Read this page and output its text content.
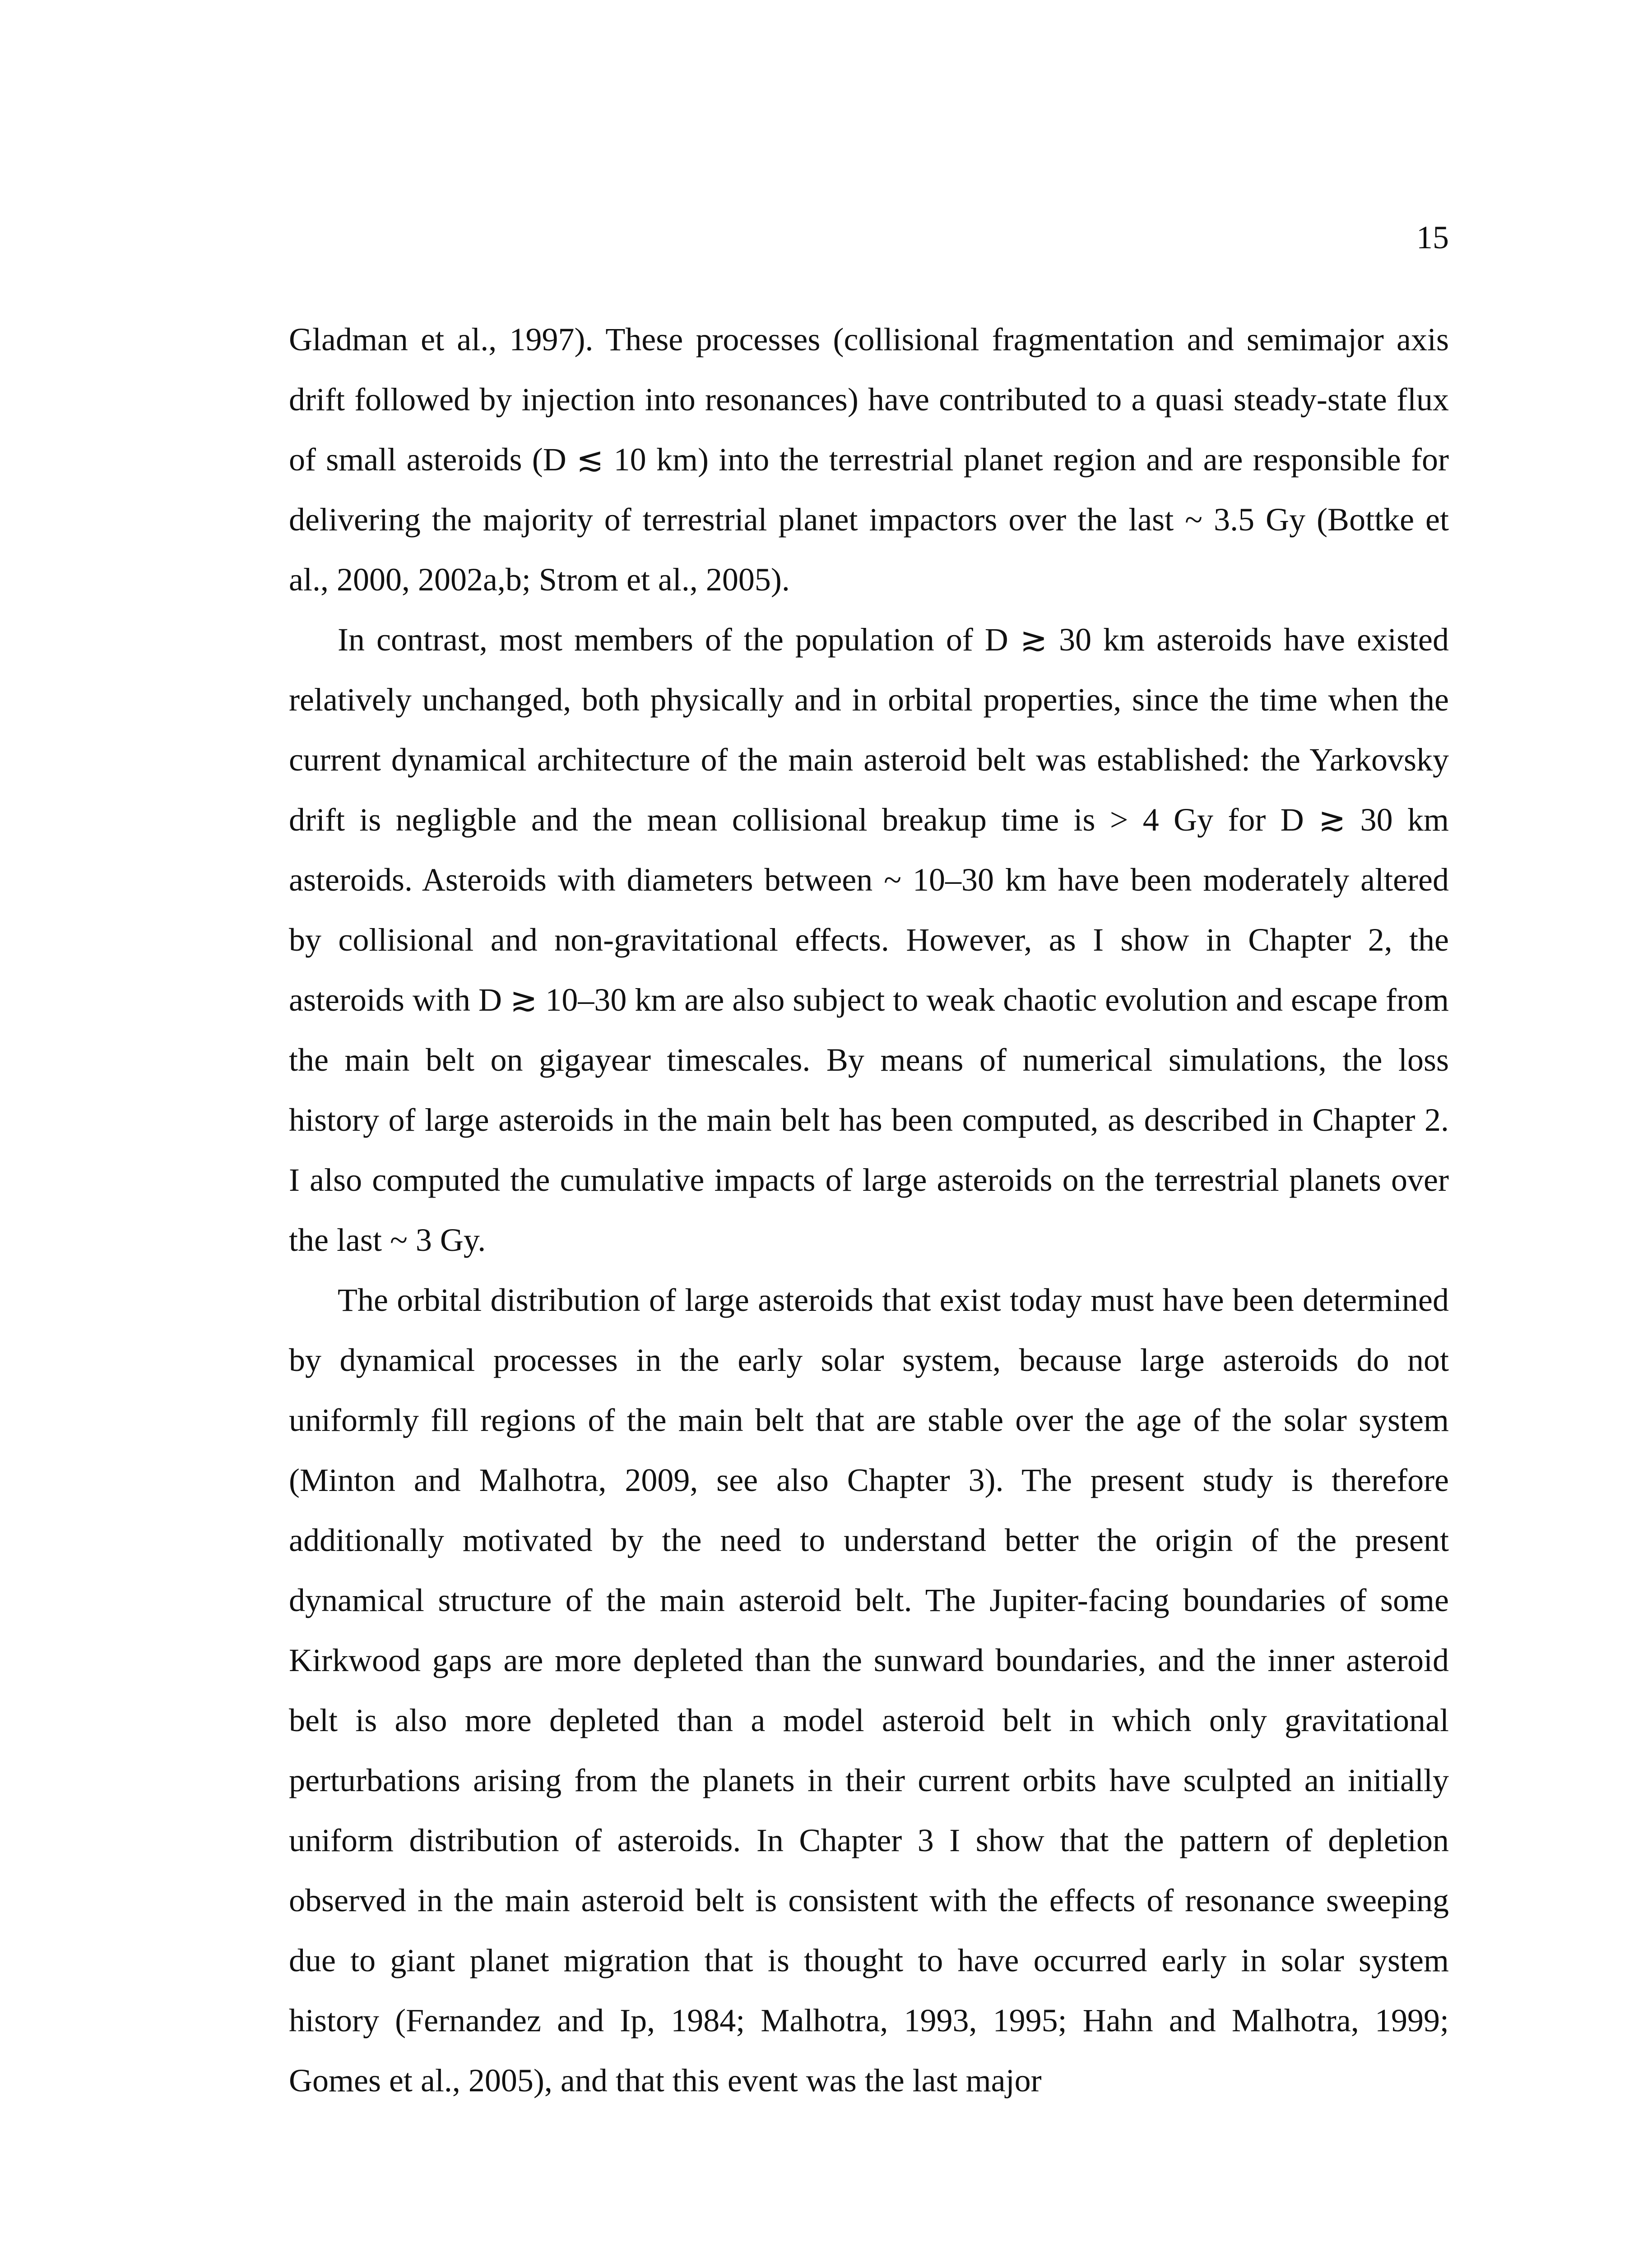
15

Gladman et al., 1997). These processes (collisional fragmentation and semimajor axis drift followed by injection into resonances) have contributed to a quasi steady-state flux of small asteroids (D ≲ 10 km) into the terrestrial planet region and are responsible for delivering the majority of terrestrial planet impactors over the last ~ 3.5 Gy (Bottke et al., 2000, 2002a,b; Strom et al., 2005).

In contrast, most members of the population of D ≳ 30 km asteroids have existed relatively unchanged, both physically and in orbital properties, since the time when the current dynamical architecture of the main asteroid belt was established: the Yarkovsky drift is negligble and the mean collisional breakup time is > 4 Gy for D ≳ 30 km asteroids. Asteroids with diameters between ~ 10–30 km have been moderately altered by collisional and non-gravitational effects. However, as I show in Chapter 2, the asteroids with D ≳ 10–30 km are also subject to weak chaotic evolution and escape from the main belt on gigayear timescales. By means of numerical simulations, the loss history of large asteroids in the main belt has been computed, as described in Chapter 2. I also computed the cumulative impacts of large asteroids on the terrestrial planets over the last ~ 3 Gy.

The orbital distribution of large asteroids that exist today must have been determined by dynamical processes in the early solar system, because large asteroids do not uniformly fill regions of the main belt that are stable over the age of the solar system (Minton and Malhotra, 2009, see also Chapter 3). The present study is therefore additionally motivated by the need to understand better the origin of the present dynamical structure of the main asteroid belt. The Jupiter-facing boundaries of some Kirkwood gaps are more depleted than the sunward boundaries, and the inner asteroid belt is also more depleted than a model asteroid belt in which only gravitational perturbations arising from the planets in their current orbits have sculpted an initially uniform distribution of asteroids. In Chapter 3 I show that the pattern of depletion observed in the main asteroid belt is consistent with the effects of resonance sweeping due to giant planet migration that is thought to have occurred early in solar system history (Fernandez and Ip, 1984; Malhotra, 1993, 1995; Hahn and Malhotra, 1999; Gomes et al., 2005), and that this event was the last major
